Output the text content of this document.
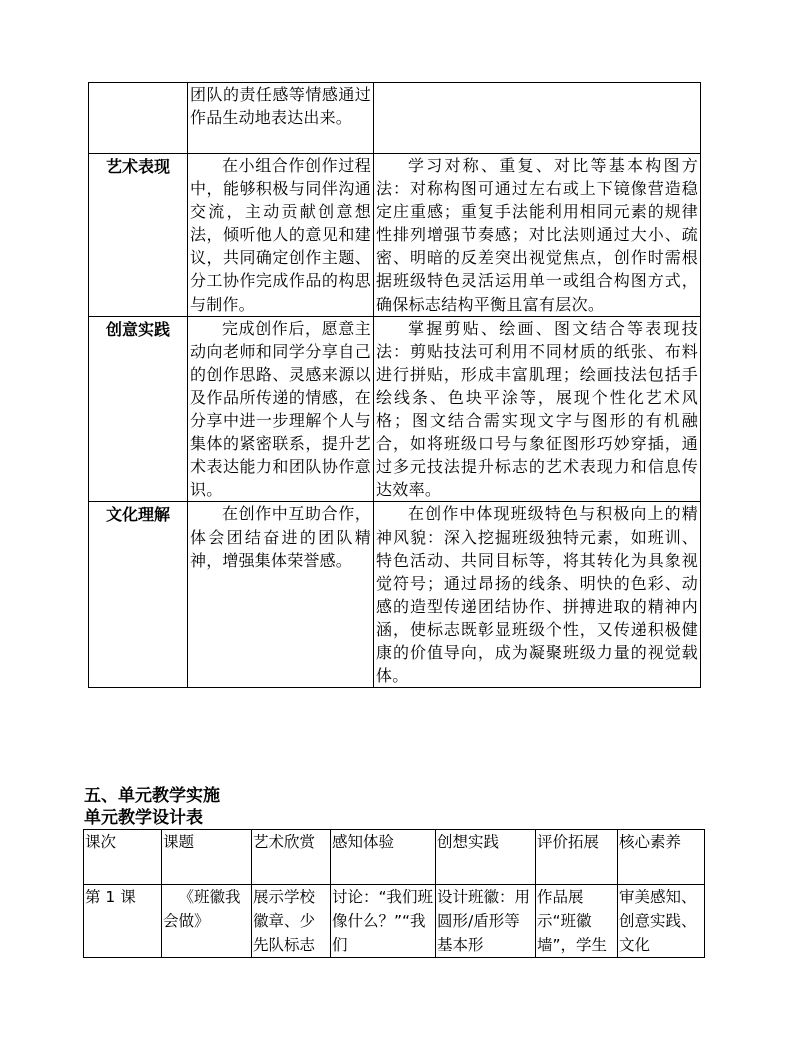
	团队的责任感等情感通过作品生动地表达出来。	
艺术表现	在小组合作创作过程中，能够积极与同伴沟通交流，主动贡献创意想法，倾听他人的意见和建议，共同确定创作主题、分工协作完成作品的构思与制作。	学习对称、重复、对比等基本构图方法：对称构图可通过左右或上下镜像营造稳定庄重感；重复手法能利用相同元素的规律性排列增强节奏感；对比法则通过大小、疏密、明暗的反差突出视觉焦点，创作时需根据班级特色灵活运用单一或组合构图方式，确保标志结构平衡且富有层次。
创意实践	完成创作后，愿意主动向老师和同学分享自己的创作思路、灵感来源以及作品所传递的情感，在分享中进一步理解个人与集体的紧密联系，提升艺术表达能力和团队协作意识。	掌握剪贴、绘画、图文结合等表现技法：剪贴技法可利用不同材质的纸张、布料进行拼贴，形成丰富肌理；绘画技法包括手绘线条、色块平涂等，展现个性化艺术风格；图文结合需实现文字与图形的有机融合，如将班级口号与象征图形巧妙穿插，通过多元技法提升标志的艺术表现力和信息传达效率。
文化理解	在创作中互助合作，体会团结奋进的团队精神，增强集体荣誉感。	在创作中体现班级特色与积极向上的精神风貌：深入挖掘班级独特元素，如班训、特色活动、共同目标等，将其转化为具象视觉符号；通过昂扬的线条、明快的色彩、动感的造型传递团结协作、拼搏进取的精神内涵，使标志既彰显班级个性，又传递积极健康的价值导向，成为凝聚班级力量的视觉载体。
五、单元教学实施
单元教学设计表
课次	课题	艺术欣赏	感知体验	创想实践	评价拓展	核心素养
第 1 课	《班徽我会做》	展示学校徽章、少先队标志	讨论：“我们班像什么？”“我们	设计班徽：用圆形/盾形等基本形	作品展示“班徽墙”，学生	审美感知、创意实践、文化
